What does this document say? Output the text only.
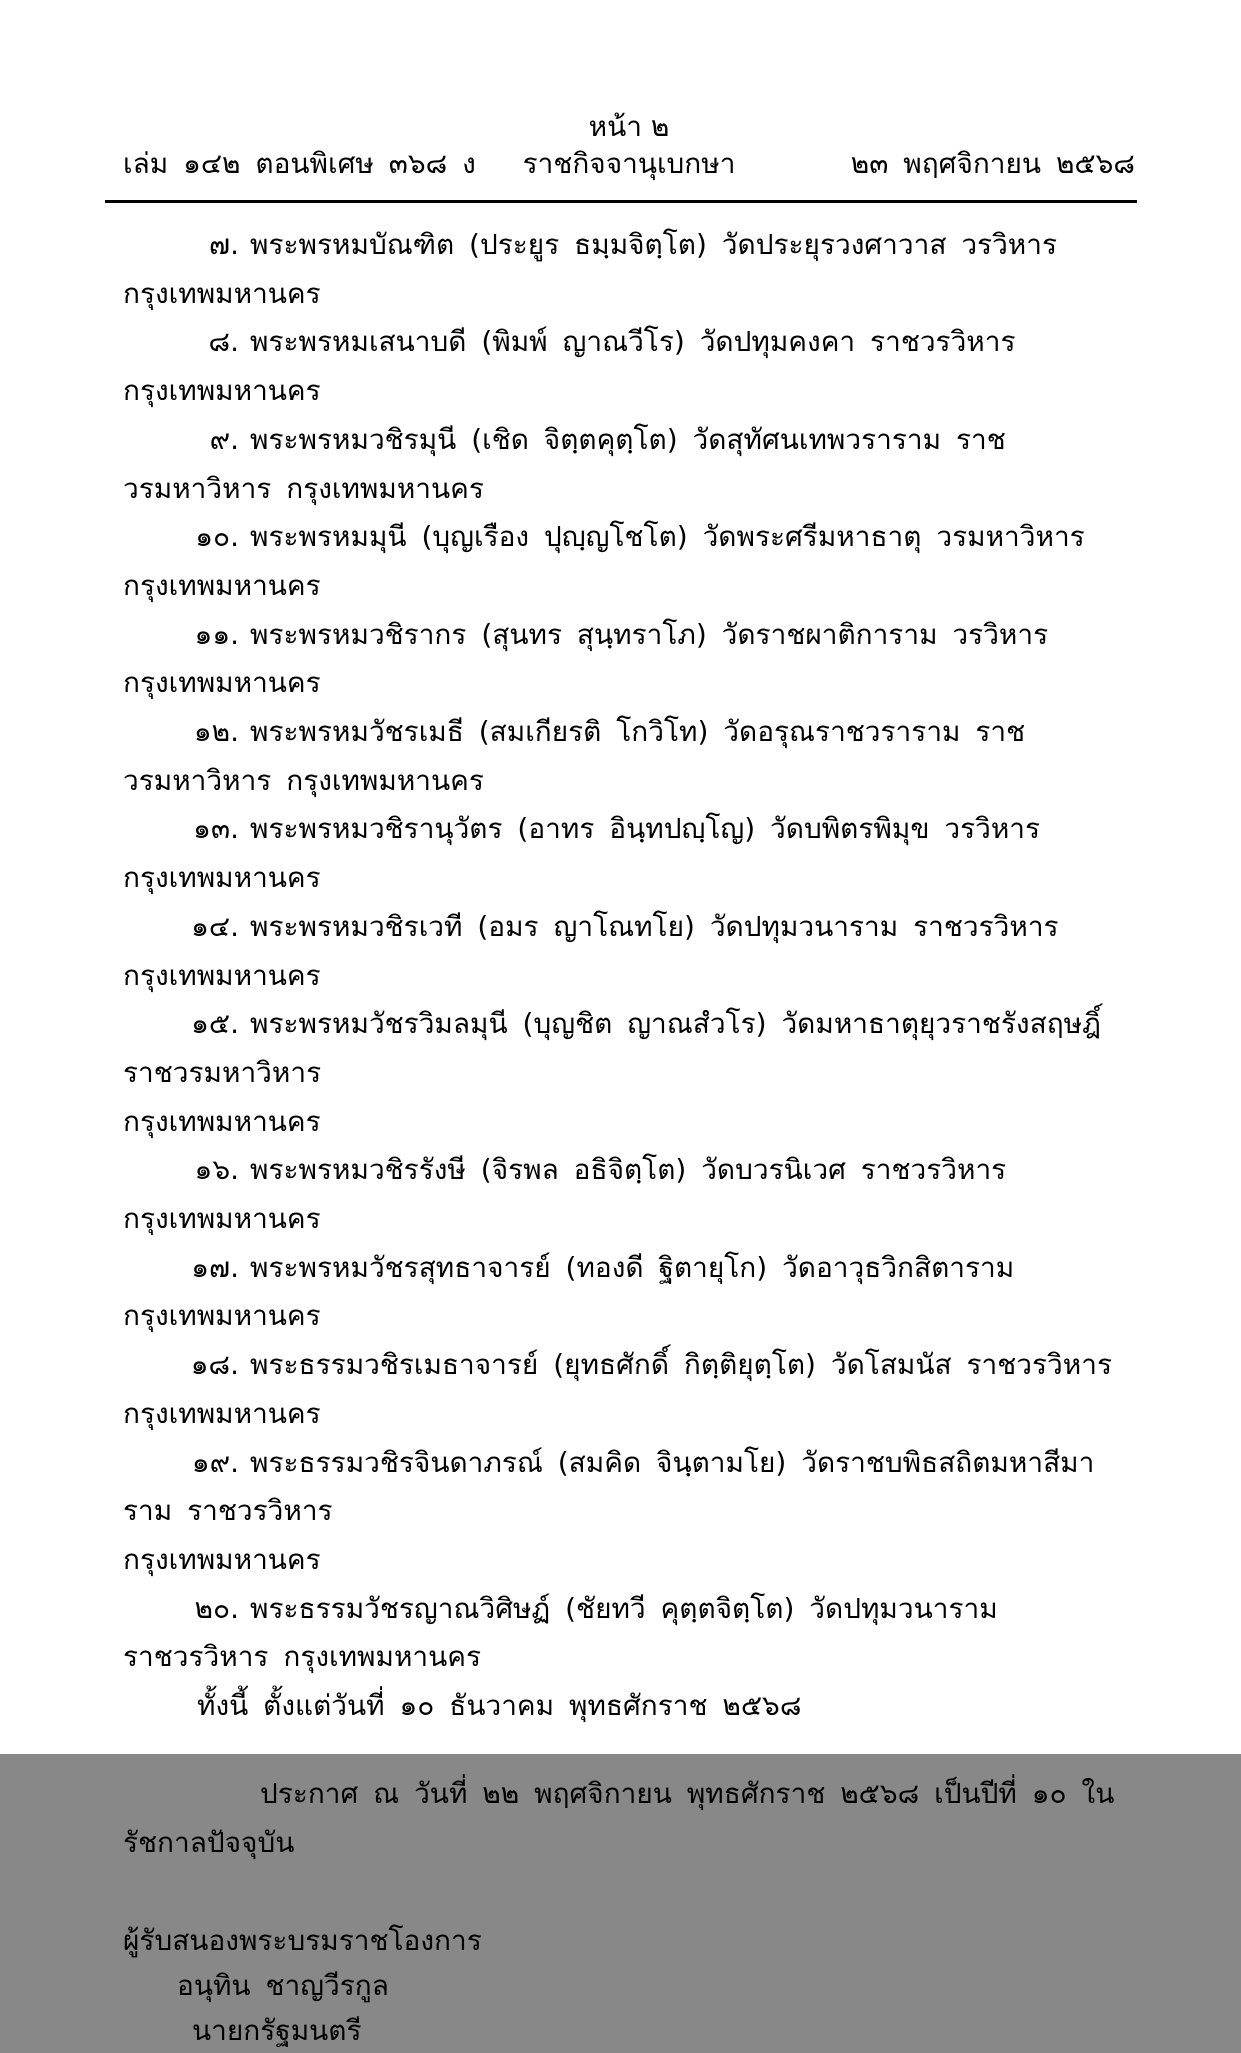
หน้า ๒
เล่ม ๑๔๒ ตอนพิเศษ ๓๖๘ ง ราชกิจจานุเบกษา	๒๓ พฤศจิกายน ๒๕๖๘

๗. พระพรหมบัณฑิต (ประยูร ธมฺมจิตฺโต) วัดประยุรวงศาวาส วรวิหาร กรุงเทพมหานคร

๘. พระพรหมเสนาบดี (พิมพ์ ญาณวีโร) วัดปทุมคงคา ราชวรวิหาร กรุงเทพมหานคร

๙. พระพรหมวชิรมุนี (เชิด จิตฺตคุตฺโต) วัดสุทัศนเทพวราราม ราชวรมหาวิหาร กรุงเทพมหานคร

๑๐. พระพรหมมุนี (บุญเรือง ปุญฺญโชโต) วัดพระศรีมหาธาตุ วรมหาวิหาร กรุงเทพมหานคร

๑๑. พระพรหมวชิรากร (สุนทร สุนฺทราโภ) วัดราชผาติการาม วรวิหาร กรุงเทพมหานคร

๑๒. พระพรหมวัชรเมธี (สมเกียรติ โกวิโท) วัดอรุณราชวราราม ราชวรมหาวิหาร กรุงเทพมหานคร

๑๓. พระพรหมวชิรานุวัตร (อาทร อินฺทปญฺโญ) วัดบพิตรพิมุข วรวิหาร กรุงเทพมหานคร

๑๔. พระพรหมวชิรเวที (อมร ญาโณทโย) วัดปทุมวนาราม ราชวรวิหาร กรุงเทพมหานคร

๑๕. พระพรหมวัชรวิมลมุนี (บุญชิต ญาณสํวโร) วัดมหาธาตุยุวราชรังสฤษฎิ์ ราชวรมหาวิหาร

กรุงเทพมหานคร

๑๖. พระพรหมวชิรรังษี (จิรพล อธิจิตฺโต) วัดบวรนิเวศ ราชวรวิหาร กรุงเทพมหานคร

๑๗. พระพรหมวัชรสุทธาจารย์ (ทองดี ฐิตายุโก) วัดอาวุธวิกสิตาราม กรุงเทพมหานคร

๑๘. พระธรรมวชิรเมธาจารย์ (ยุทธศักดิ์ กิตฺติยุตฺโต) วัดโสมนัส ราชวรวิหาร กรุงเทพมหานคร

๑๙. พระธรรมวชิรจินดาภรณ์ (สมคิด จินฺตามโย) วัดราชบพิธสถิตมหาสีมาราม ราชวรวิหาร

กรุงเทพมหานคร

๒๐. พระธรรมวัชรญาณวิศิษฏ์ (ชัยทวี คุตฺตจิตฺโต) วัดปทุมวนาราม ราชวรวิหาร กรุงเทพมหานคร

ทั้งนี้ ตั้งแต่วันที่ ๑๐ ธันวาคม พุทธศักราช ๒๕๖๘

ประกาศ ณ วันที่ ๒๒ พฤศจิกายน พุทธศักราช ๒๕๖๘ เป็นปีที่ ๑๐ ในรัชกาลปัจจุบัน

ผู้รับสนองพระบรมราชโองการ

อนุทิน ชาญวีรกูล

นายกรัฐมนตรี
